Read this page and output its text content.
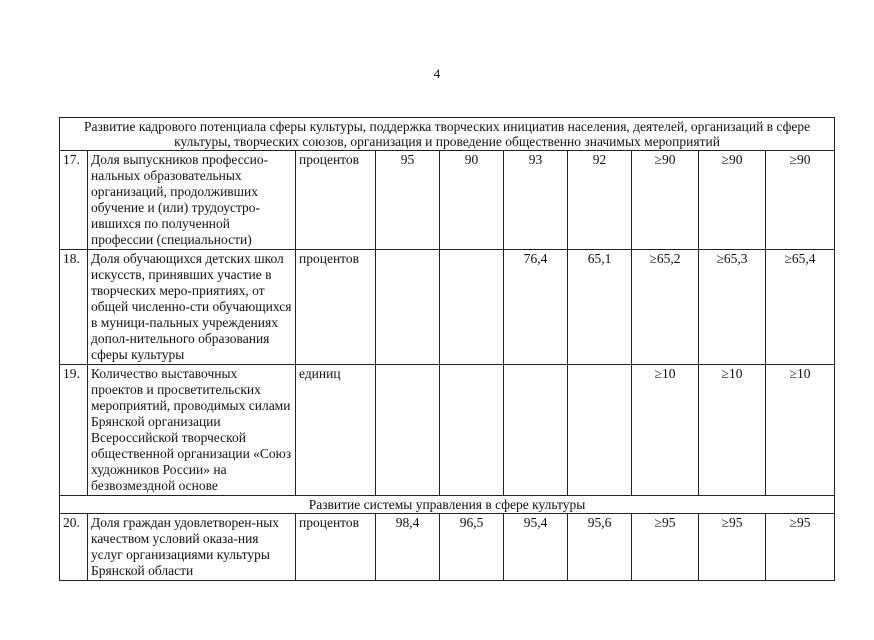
4
Развитие кадрового потенциала сферы культуры, поддержка творческих инициатив населения, деятелей, организаций в сфере культуры, творческих союзов, организация и проведение общественно значимых мероприятий									
17.	Доля выпускников профессио-нальных образовательных организаций, продолживших обучение и (или) трудоустро-ившихся по полученной профессии (специальности)	процентов	95	90	93	92	≥90	≥90	≥90
18.	Доля обучающихся детских школ искусств, принявших участие в творческих меро-приятиях, от общей численно-сти обучающихся в муници-пальных учреждениях допол-нительного образования сферы культуры	процентов			76,4	65,1	≥65,2	≥65,3	≥65,4
19.	Количество выставочных проектов и просветительских мероприятий, проводимых силами Брянской организации Всероссийской творческой общественной организации «Союз художников России» на безвозмездной основе	единиц					≥10	≥10	≥10
Развитие системы управления в сфере культуры									
20.	Доля граждан удовлетворен-ных качеством условий оказа-ния услуг организациями культуры Брянской области	процентов	98,4	96,5	95,4	95,6	≥95	≥95	≥95
